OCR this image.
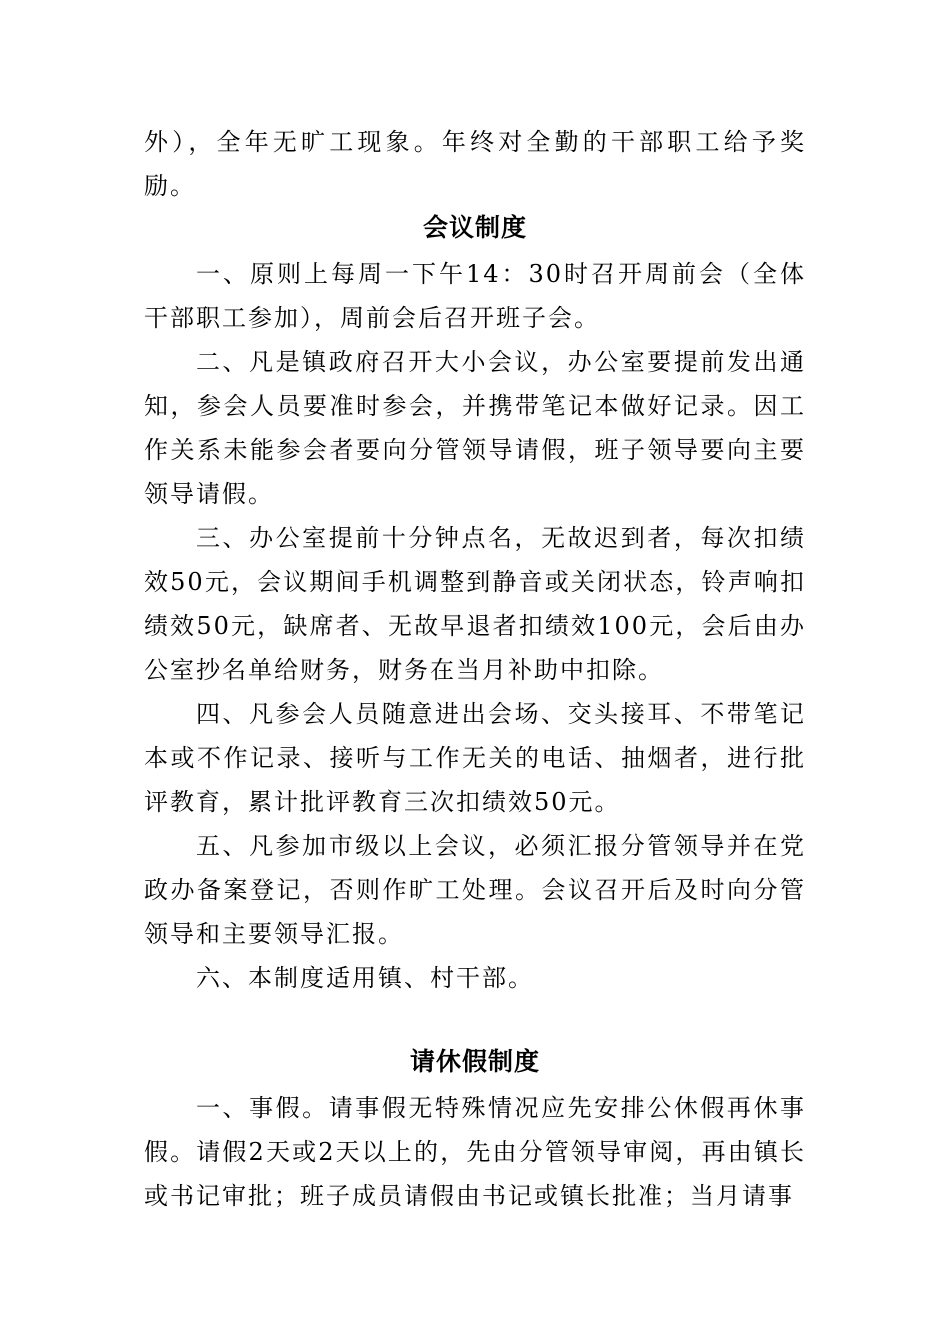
外），全年无旷工现象。年终对全勤的干部职工给予奖励。

会议制度

一、原则上每周一下午14：30时召开周前会（全体干部职工参加），周前会后召开班子会。

二、凡是镇政府召开大小会议，办公室要提前发出通知，参会人员要准时参会，并携带笔记本做好记录。因工作关系未能参会者要向分管领导请假，班子领导要向主要领导请假。

三、办公室提前十分钟点名，无故迟到者，每次扣绩效50元，会议期间手机调整到静音或关闭状态，铃声响扣绩效50元，缺席者、无故早退者扣绩效100元，会后由办公室抄名单给财务，财务在当月补助中扣除。

四、凡参会人员随意进出会场、交头接耳、不带笔记本或不作记录、接听与工作无关的电话、抽烟者，进行批评教育，累计批评教育三次扣绩效50元。

五、凡参加市级以上会议，必须汇报分管领导并在党政办备案登记，否则作旷工处理。会议召开后及时向分管领导和主要领导汇报。

六、本制度适用镇、村干部。

请休假制度

一、事假。请事假无特殊情况应先安排公休假再休事假。请假2天或2天以上的，先由分管领导审阅，再由镇长或书记审批；班子成员请假由书记或镇长批准；当月请事
